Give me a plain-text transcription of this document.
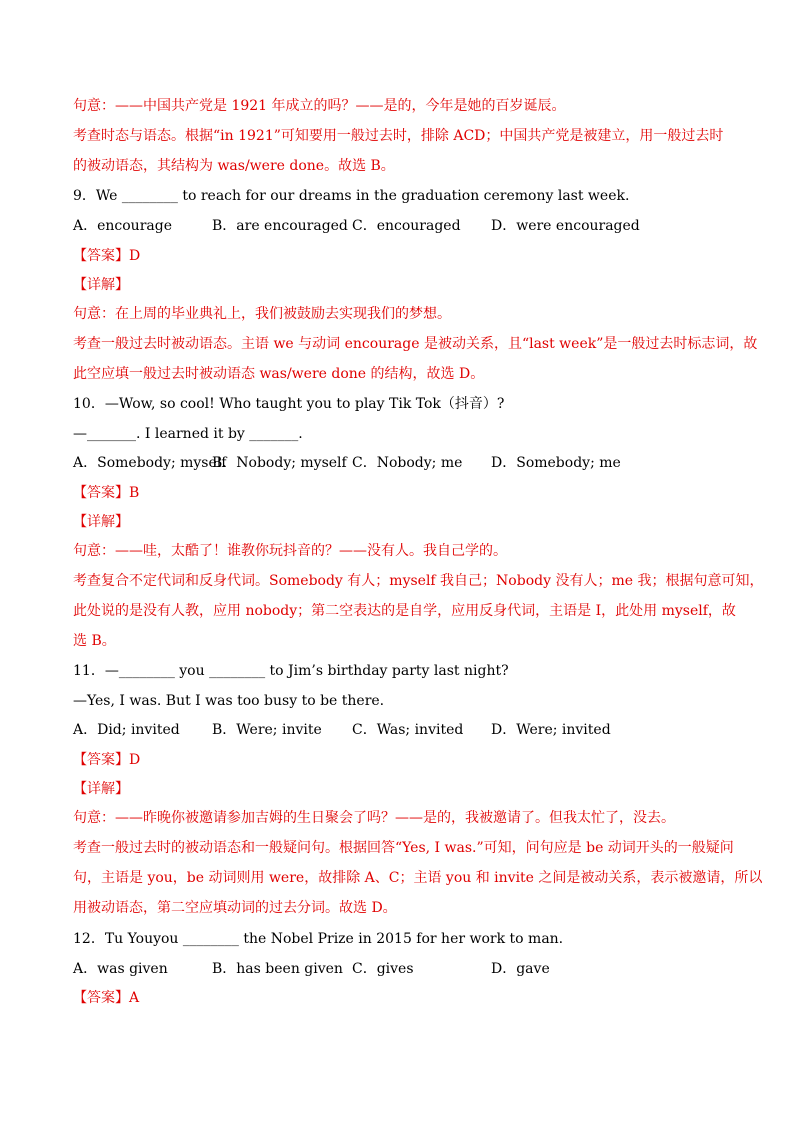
句意：——中国共产党是 1921 年成立的吗？——是的，今年是她的百岁诞辰。
考查时态与语态。根据“in 1921”可知要用一般过去时，排除 ACD；中国共产党是被建立，用一般过去时
的被动语态，其结构为 was/were done。故选 B。
9．We ________ to reach for our dreams in the graduation ceremony last week.
A．encourage	B．are encouraged C．encouraged D．were encouraged
【答案】D
【详解】
句意：在上周的毕业典礼上，我们被鼓励去实现我们的梦想。
考查一般过去时被动语态。主语 we 与动词 encourage 是被动关系，且“last week”是一般过去时标志词，故
此空应填一般过去时被动语态 was/were done 的结构，故选 D。
10．—Wow, so cool! Who taught you to play Tik Tok（抖音）?
—_______. I learned it by _______.
A．Somebody; myself
B．Nobody; myself C．Nobody; me D．Somebody; me
【答案】B
【详解】
句意：——哇，太酷了！谁教你玩抖音的？——没有人。我自己学的。
考查复合不定代词和反身代词。Somebody 有人；myself 我自己；Nobody 没有人；me 我；根据句意可知，
此处说的是没有人教，应用 nobody；第二空表达的是自学，应用反身代词，主语是 I，此处用 myself，故
选 B。
11．—________ you ________ to Jim’s birthday party last night?
—Yes, I was. But I was too busy to be there.
A．Did; invited B．Were; invite C．Was; invited D．Were; invited
【答案】D
【详解】
句意：——昨晚你被邀请参加吉姆的生日聚会了吗？——是的，我被邀请了。但我太忙了，没去。
考查一般过去时的被动语态和一般疑问句。根据回答“Yes, I was.”可知，问句应是 be 动词开头的一般疑问
句，主语是 you，be 动词则用 were，故排除 A、C；主语 you 和 invite 之间是被动关系，表示被邀请，所以
用被动语态，第二空应填动词的过去分词。故选 D。
12．Tu Youyou ________ the Nobel Prize in 2015 for her work to man.
A．was given	B．has been given C．gives	D．gave
【答案】A
